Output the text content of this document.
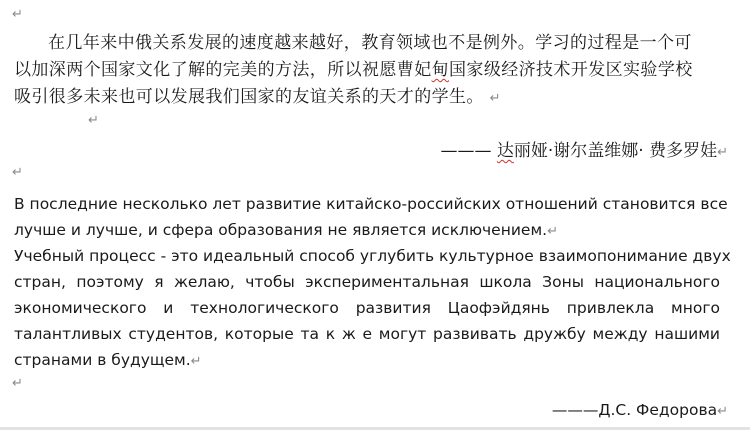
↵
在几年来中俄关系发展的速度越来越好，教育领域也不是例外。学习的过程是一个可
以加深两个国家文化了解的完美的方法，所以祝愿曹妃甸国家级经济技术开发区实验学校
吸引很多未来也可以发展我们国家的友谊关系的天才的学生。 ↵
↵
——— 达丽娅·谢尔盖维娜· 费多罗娃↵
↵
В последние несколько лет развитие китайско-российских отношений становится все
лучше и лучше, и сфера образования не является исключением.↵
Учебный процесс - это идеальный способ углубить культурное взаимопонимание двух
стран, поэтому я желаю, чтобы экспериментальная школа Зоны национального
экономического и технологического развития Цаофэйдянь привлекла много
талантливых студентов, которые та к ж е могут развивать дружбу между нашими
странами в будущем.↵
↵
———Д.С. Федорова↵
